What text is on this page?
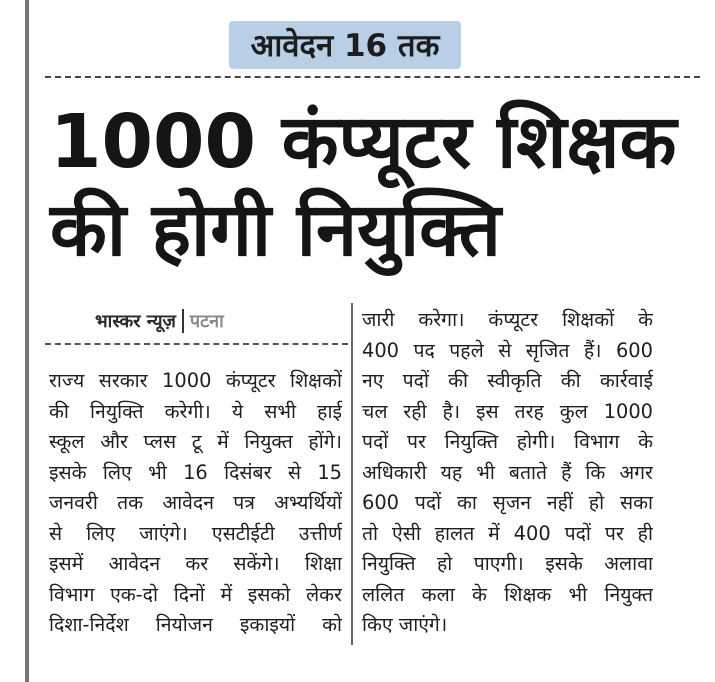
आवेदन 16 तक
1000 कंप्यूटर शिक्षक
की होगी नियुक्ति
भास्कर न्यूज़ पटना
राज्य सरकार 1000 कंप्यूटर शिक्षकों
की नियुक्ति करेगी। ये सभी हाई
स्कूल और प्लस टू में नियुक्त होंगे।
इसके लिए भी 16 दिसंबर से 15
जनवरी तक आवेदन पत्र अभ्यर्थियों
से लिए जाएंगे। एसटीईटी उत्तीर्ण
इसमें आवेदन कर सकेंगे। शिक्षा
विभाग एक-दो दिनों में इसको लेकर
दिशा-निर्देश नियोजन इकाइयों को
जारी करेगा। कंप्यूटर शिक्षकों के
400 पद पहले से सृजित हैं। 600
नए पदों की स्वीकृति की कार्रवाई
चल रही है। इस तरह कुल 1000
पदों पर नियुक्ति होगी। विभाग के
अधिकारी यह भी बताते हैं कि अगर
600 पदों का सृजन नहीं हो सका
तो ऐसी हालत में 400 पदों पर ही
नियुक्ति हो पाएगी। इसके अलावा
ललित कला के शिक्षक भी नियुक्त
किए जाएंगे।
